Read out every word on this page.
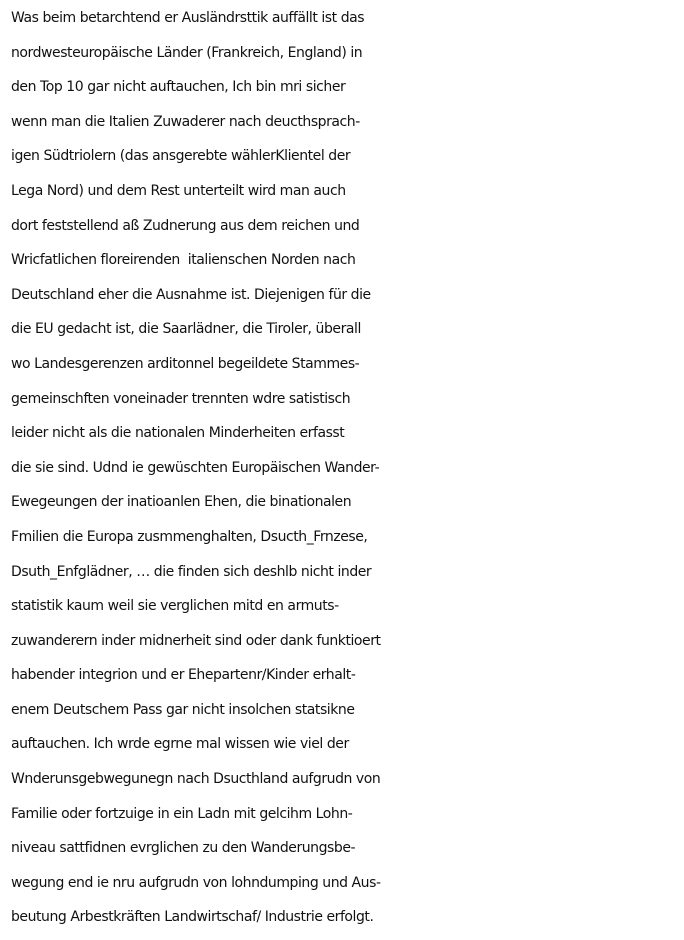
Was beim betarchtend er Ausländrsttik auffällt ist das
nordwesteuropäische Länder (Frankreich, England) in
den Top 10 gar nicht auftauchen, Ich bin mri sicher
wenn man die Italien Zuwaderer nach deucthsprach-
igen Südtriolern (das ansgerebte wählerKlientel der
Lega Nord) und dem Rest unterteilt wird man auch
dort feststellend aß Zudnerung aus dem reichen und
Wricfatlichen floreirenden  italienschen Norden nach
Deutschland eher die Ausnahme ist. Diejenigen für die
die EU gedacht ist, die Saarlädner, die Tiroler, überall
wo Landesgerenzen arditonnel begeildete Stammes-
gemeinschften voneinader trennten wdre satistisch
leider nicht als die nationalen Minderheiten erfasst
die sie sind. Udnd ie gewüschten Europäischen Wander-
Ewegeungen der inatioanlen Ehen, die binationalen
Fmilien die Europa zusmmenghalten, Dsucth_Frnzese,
Dsuth_Enfglädner, … die finden sich deshlb nicht inder
statistik kaum weil sie verglichen mitd en armuts-
zuwanderern inder midnerheit sind oder dank funktioert
habender integrion und er Ehepartenr/Kinder erhalt-
enem Deutschem Pass gar nicht insolchen statsikne
auftauchen. Ich wrde egrne mal wissen wie viel der
Wnderunsgebwegunegn nach Dsucthland aufgrudn von
Familie oder fortzuige in ein Ladn mit gelcihm Lohn-
niveau sattfidnen evrglichen zu den Wanderungsbe-
wegung end ie nru aufgrudn von lohndumping und Aus-
beutung Arbestkräften Landwirtschaf/ Industrie erfolgt.
